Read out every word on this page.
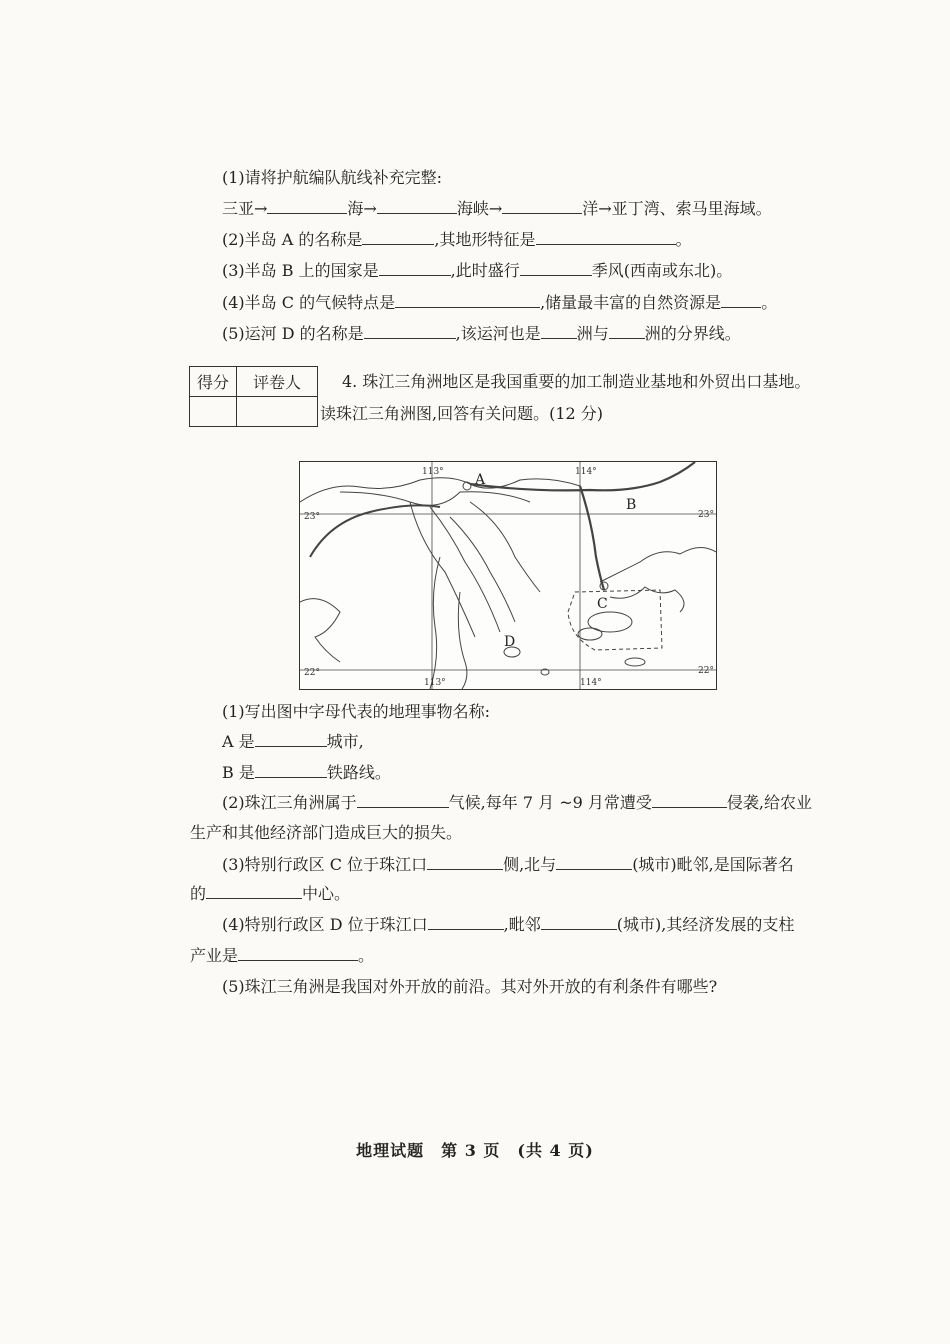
(1)请将护航编队航线补充完整:
三亚→	海→	海峡→	洋→亚丁湾、索马里海域。
(2)半岛 A 的名称是	,其地形特征是	。
(3)半岛 B 上的国家是	,此时盛行	季风(西南或东北)。
(4)半岛 C 的气候特点是	,储量最丰富的自然资源是	。
(5)运河 D 的名称是	,该运河也是 洲与 洲的分界线。
得分	评卷人
		4. 珠江三角洲地区是我国重要的加工制造业基地和外贸出口基地。
读珠江三角洲图,回答有关问题。(12 分)
113°	114°
23°	23°
22°	22°
113°	114°
A
B
C
D
(1)写出图中字母代表的地理事物名称:
A 是	城市,
B 是	铁路线。
(2)珠江三角洲属于	气候,每年 7 月 ~9 月常遭受	侵袭,给农业
生产和其他经济部门造成巨大的损失。
(3)特别行政区 C 位于珠江口	侧,北与	(城市)毗邻,是国际著名
的	中心。
(4)特别行政区 D 位于珠江口	,毗邻	(城市),其经济发展的支柱
产业是	。
(5)珠江三角洲是我国对外开放的前沿。其对外开放的有利条件有哪些?
地理试题　第 3 页　(共 4 页)
